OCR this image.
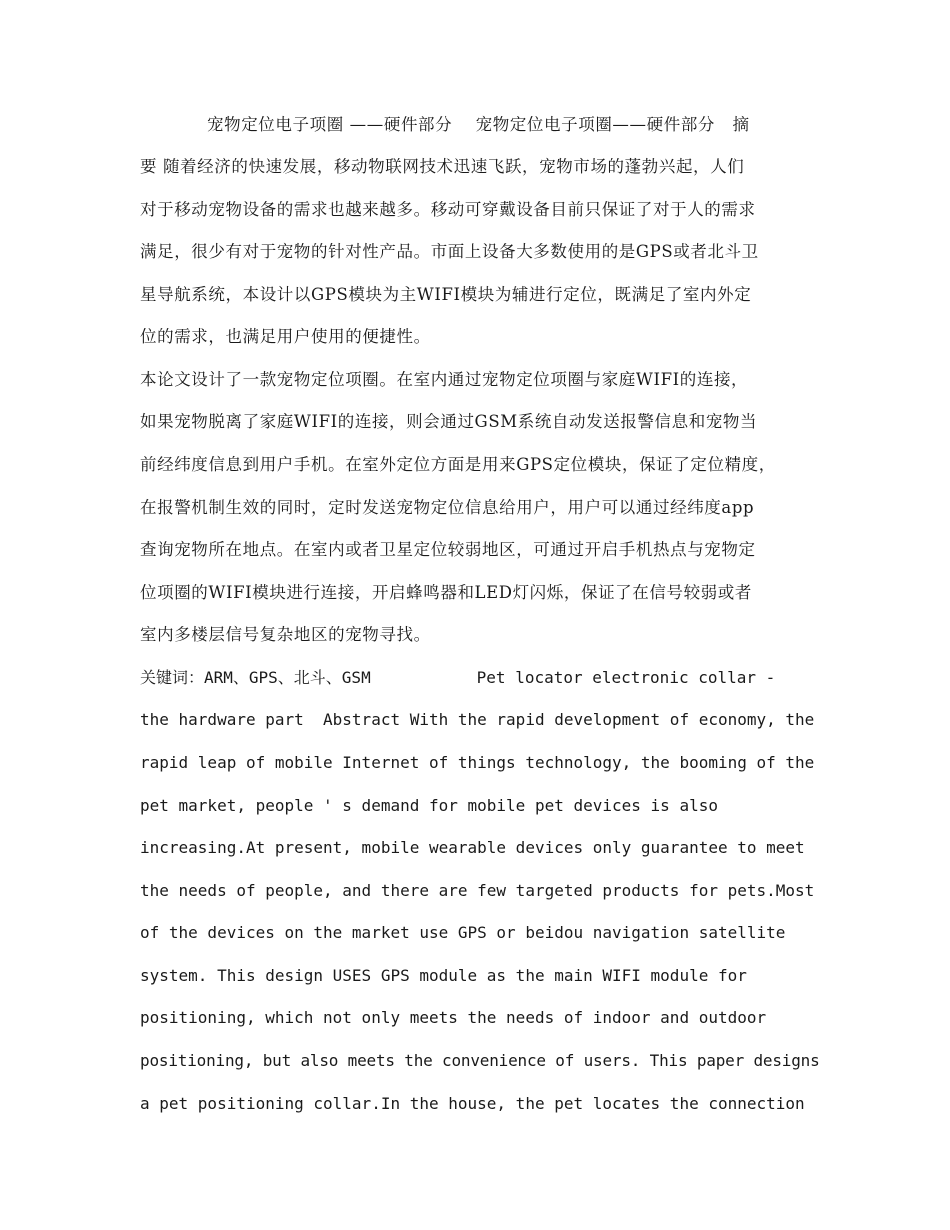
宠物定位电子项圈 ——硬件部分    宠物定位电子项圈——硬件部分   摘
要 随着经济的快速发展，移动物联网技术迅速飞跃，宠物市场的蓬勃兴起，人们
对于移动宠物设备的需求也越来越多。移动可穿戴设备目前只保证了对于人的需求
满足，很少有对于宠物的针对性产品。市面上设备大多数使用的是GPS或者北斗卫
星导航系统，本设计以GPS模块为主WIFI模块为辅进行定位，既满足了室内外定
位的需求，也满足用户使用的便捷性。
本论文设计了一款宠物定位项圈。在室内通过宠物定位项圈与家庭WIFI的连接，
如果宠物脱离了家庭WIFI的连接，则会通过GSM系统自动发送报警信息和宠物当
前经纬度信息到用户手机。在室外定位方面是用来GPS定位模块，保证了定位精度，
在报警机制生效的同时，定时发送宠物定位信息给用户，用户可以通过经纬度app
查询宠物所在地点。在室内或者卫星定位较弱地区，可通过开启手机热点与宠物定
位项圈的WIFI模块进行连接，开启蜂鸣器和LED灯闪烁，保证了在信号较弱或者
室内多楼层信号复杂地区的宠物寻找。
关键词：ARM、GPS、北斗、GSM           Pet locator electronic collar -
the hardware part  Abstract With the rapid development of economy, the
rapid leap of mobile Internet of things technology, the booming of the
pet market, people ' s demand for mobile pet devices is also
increasing.At present, mobile wearable devices only guarantee to meet
the needs of people, and there are few targeted products for pets.Most
of the devices on the market use GPS or beidou navigation satellite
system. This design USES GPS module as the main WIFI module for
positioning, which not only meets the needs of indoor and outdoor
positioning, but also meets the convenience of users. This paper designs
a pet positioning collar.In the house, the pet locates the connection
